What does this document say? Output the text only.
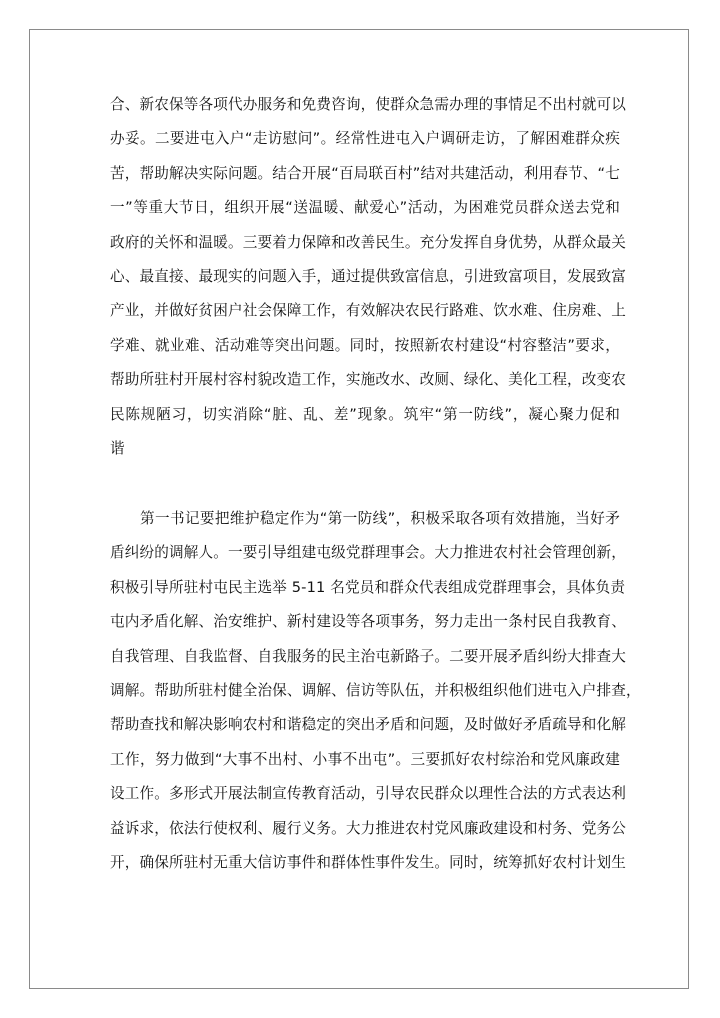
合、新农保等各项代办服务和免费咨询，使群众急需办理的事情足不出村就可以

办妥。二要进屯入户“走访慰问”。经常性进屯入户调研走访，了解困难群众疾

苦，帮助解决实际问题。结合开展“百局联百村”结对共建活动，利用春节、“七

一”等重大节日，组织开展“送温暖、献爱心”活动，为困难党员群众送去党和

政府的关怀和温暖。三要着力保障和改善民生。充分发挥自身优势，从群众最关

心、最直接、最现实的问题入手，通过提供致富信息，引进致富项目，发展致富

产业，并做好贫困户社会保障工作，有效解决农民行路难、饮水难、住房难、上

学难、就业难、活动难等突出问题。同时，按照新农村建设“村容整洁”要求，

帮助所驻村开展村容村貌改造工作，实施改水、改厕、绿化、美化工程，改变农

民陈规陋习，切实消除“脏、乱、差”现象。筑牢“第一防线”，凝心聚力促和

谐

第一书记要把维护稳定作为“第一防线”，积极采取各项有效措施，当好矛

盾纠纷的调解人。一要引导组建屯级党群理事会。大力推进农村社会管理创新，

积极引导所驻村屯民主选举 5-11 名党员和群众代表组成党群理事会，具体负责

屯内矛盾化解、治安维护、新村建设等各项事务，努力走出一条村民自我教育、

自我管理、自我监督、自我服务的民主治屯新路子。二要开展矛盾纠纷大排查大

调解。帮助所驻村健全治保、调解、信访等队伍，并积极组织他们进屯入户排查，

帮助查找和解决影响农村和谐稳定的突出矛盾和问题，及时做好矛盾疏导和化解

工作，努力做到“大事不出村、小事不出屯”。三要抓好农村综治和党风廉政建

设工作。多形式开展法制宣传教育活动，引导农民群众以理性合法的方式表达利

益诉求，依法行使权利、履行义务。大力推进农村党风廉政建设和村务、党务公

开，确保所驻村无重大信访事件和群体性事件发生。同时，统筹抓好农村计划生
